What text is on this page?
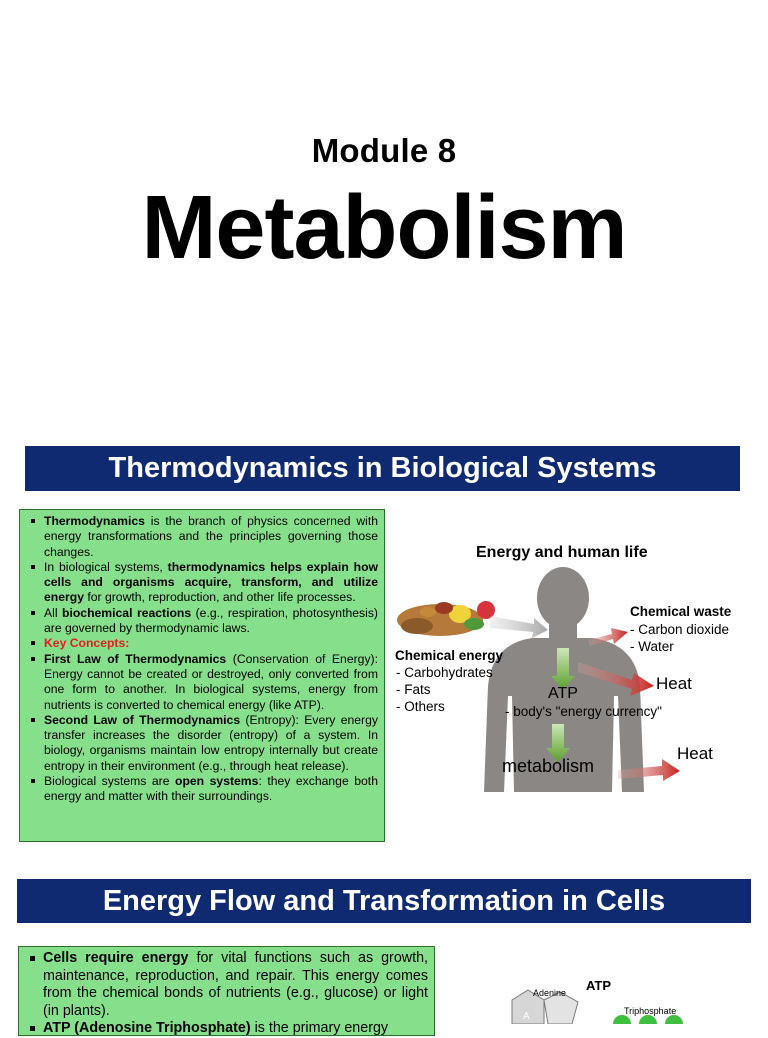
Module 8
Metabolism
Thermodynamics in Biological Systems
Thermodynamics is the branch of physics concerned with energy transformations and the principles governing those changes.
In biological systems, thermodynamics helps explain how cells and organisms acquire, transform, and utilize energy for growth, reproduction, and other life processes.
All biochemical reactions (e.g., respiration, photosynthesis) are governed by thermodynamic laws.
Key Concepts:
First Law of Thermodynamics (Conservation of Energy): Energy cannot be created or destroyed, only converted from one form to another. In biological systems, energy from nutrients is converted to chemical energy (like ATP).
Second Law of Thermodynamics (Entropy): Every energy transfer increases the disorder (entropy) of a system. In biology, organisms maintain low entropy internally but create entropy in their environment (e.g., through heat release).
Biological systems are open systems: they exchange both energy and matter with their surroundings.
Energy and human life
Chemical energy
- Carbohydrates
- Fats
- Others
Chemical waste
- Carbon dioxide
- Water
ATP
- body's "energy currency"
Heat
Heat
metabolism
Energy Flow and Transformation in Cells
Cells require energy for vital functions such as growth, maintenance, reproduction, and repair. This energy comes from the chemical bonds of nutrients (e.g., glucose) or light (in plants).
ATP (Adenosine Triphosphate) is the primary energy
Adenine ATP
Triphosphate
A
